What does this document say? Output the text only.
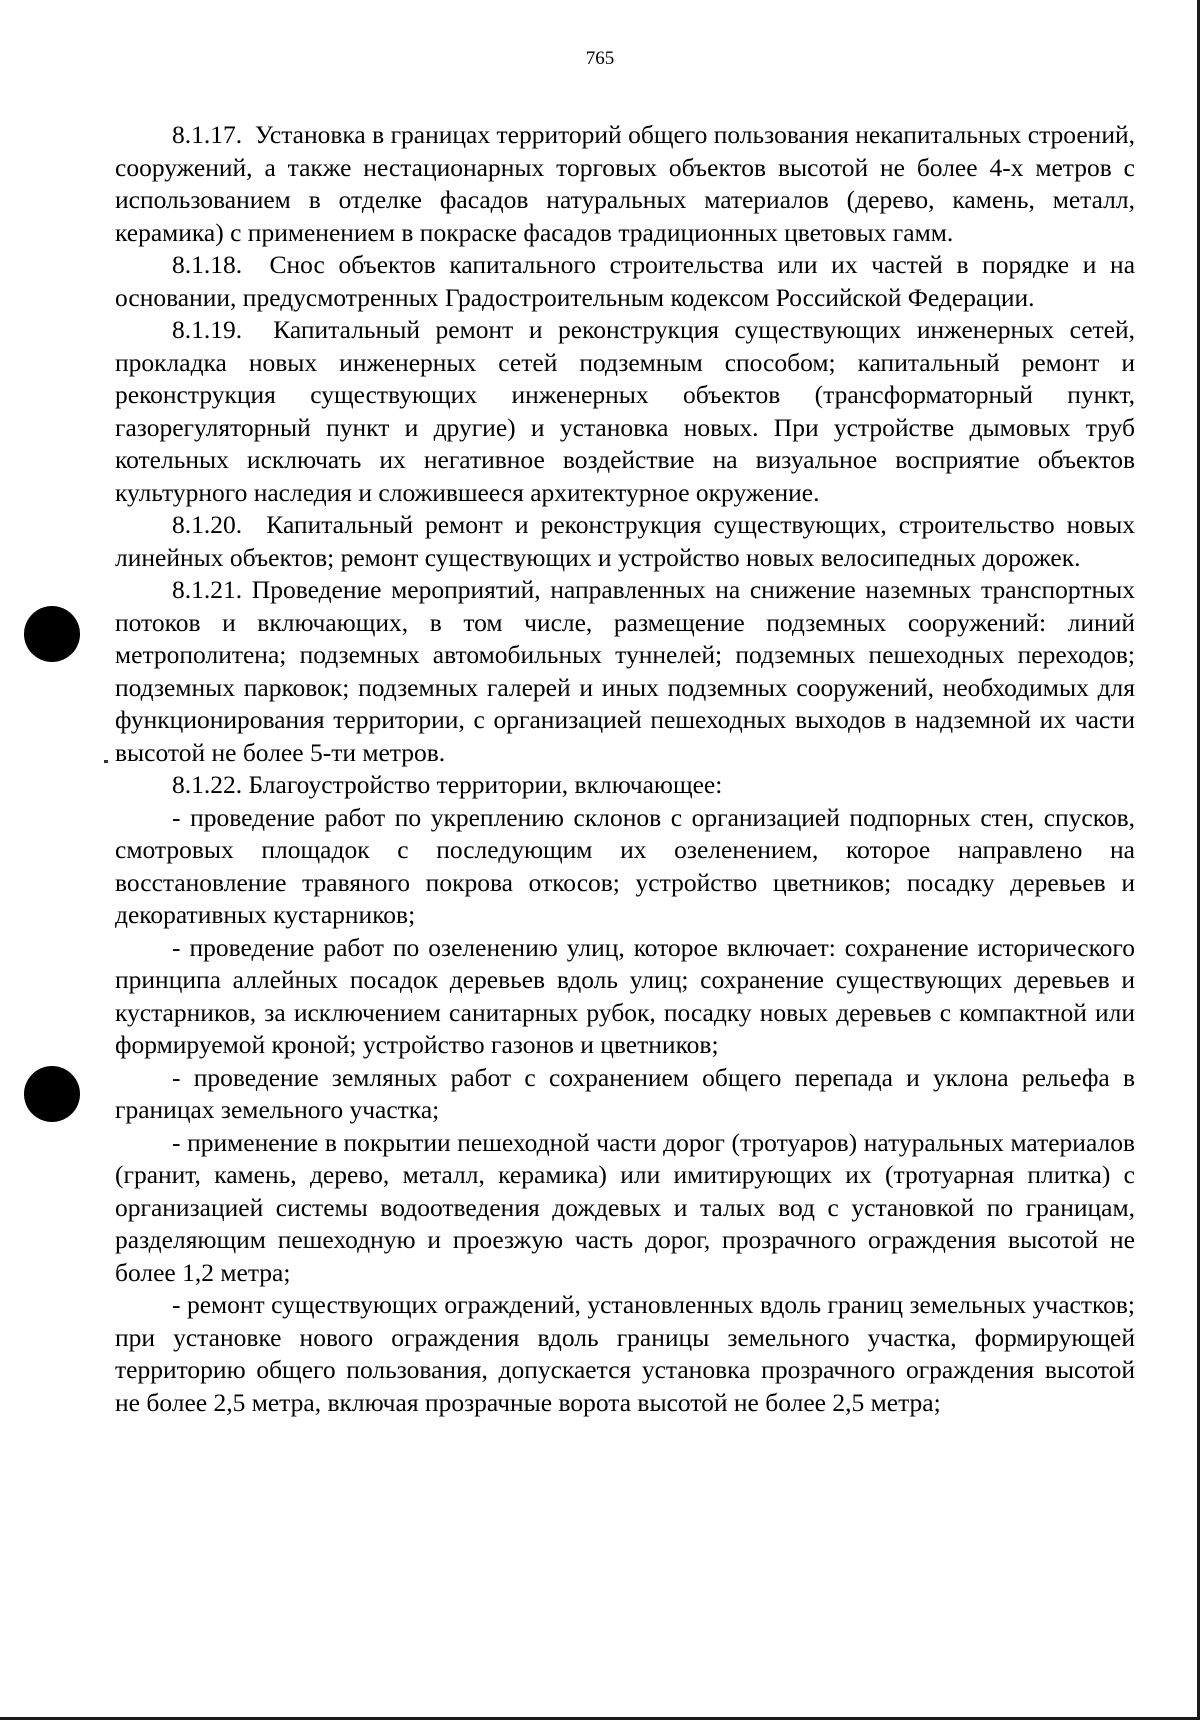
765

8.1.17. Установка в границах территорий общего пользования некапитальных строений, сооружений, а также нестационарных торговых объектов высотой не более 4-х метров с использованием в отделке фасадов натуральных материалов (дерево, камень, металл, керамика) с применением в покраске фасадов традиционных цветовых гамм.

8.1.18. Снос объектов капитального строительства или их частей в порядке и на основании, предусмотренных Градостроительным кодексом Российской Федерации.

8.1.19. Капитальный ремонт и реконструкция существующих инженерных сетей, прокладка новых инженерных сетей подземным способом; капитальный ремонт и реконструкция существующих инженерных объектов (трансформаторный пункт, газорегуляторный пункт и другие) и установка новых. При устройстве дымовых труб котельных исключать их негативное воздействие на визуальное восприятие объектов культурного наследия и сложившееся архитектурное окружение.

8.1.20. Капитальный ремонт и реконструкция существующих, строительство новых линейных объектов; ремонт существующих и устройство новых велосипедных дорожек.

8.1.21. Проведение мероприятий, направленных на снижение наземных транспортных потоков и включающих, в том числе, размещение подземных сооружений: линий метрополитена; подземных автомобильных туннелей; подземных пешеходных переходов; подземных парковок; подземных галерей и иных подземных сооружений, необходимых для функционирования территории, с организацией пешеходных выходов в надземной их части высотой не более 5-ти метров.

8.1.22. Благоустройство территории, включающее:

- проведение работ по укреплению склонов с организацией подпорных стен, спусков, смотровых площадок с последующим их озеленением, которое направлено на восстановление травяного покрова откосов; устройство цветников; посадку деревьев и декоративных кустарников;

- проведение работ по озеленению улиц, которое включает: сохранение исторического принципа аллейных посадок деревьев вдоль улиц; сохранение существующих деревьев и кустарников, за исключением санитарных рубок, посадку новых деревьев с компактной или формируемой кроной; устройство газонов и цветников;

- проведение земляных работ с сохранением общего перепада и уклона рельефа в границах земельного участка;

- применение в покрытии пешеходной части дорог (тротуаров) натуральных материалов (гранит, камень, дерево, металл, керамика) или имитирующих их (тротуарная плитка) с организацией системы водоотведения дождевых и талых вод с установкой по границам, разделяющим пешеходную и проезжую часть дорог, прозрачного ограждения высотой не более 1,2 метра;

- ремонт существующих ограждений, установленных вдоль границ земельных участков; при установке нового ограждения вдоль границы земельного участка, формирующей территорию общего пользования, допускается установка прозрачного ограждения высотой не более 2,5 метра, включая прозрачные ворота высотой не более 2,5 метра;
